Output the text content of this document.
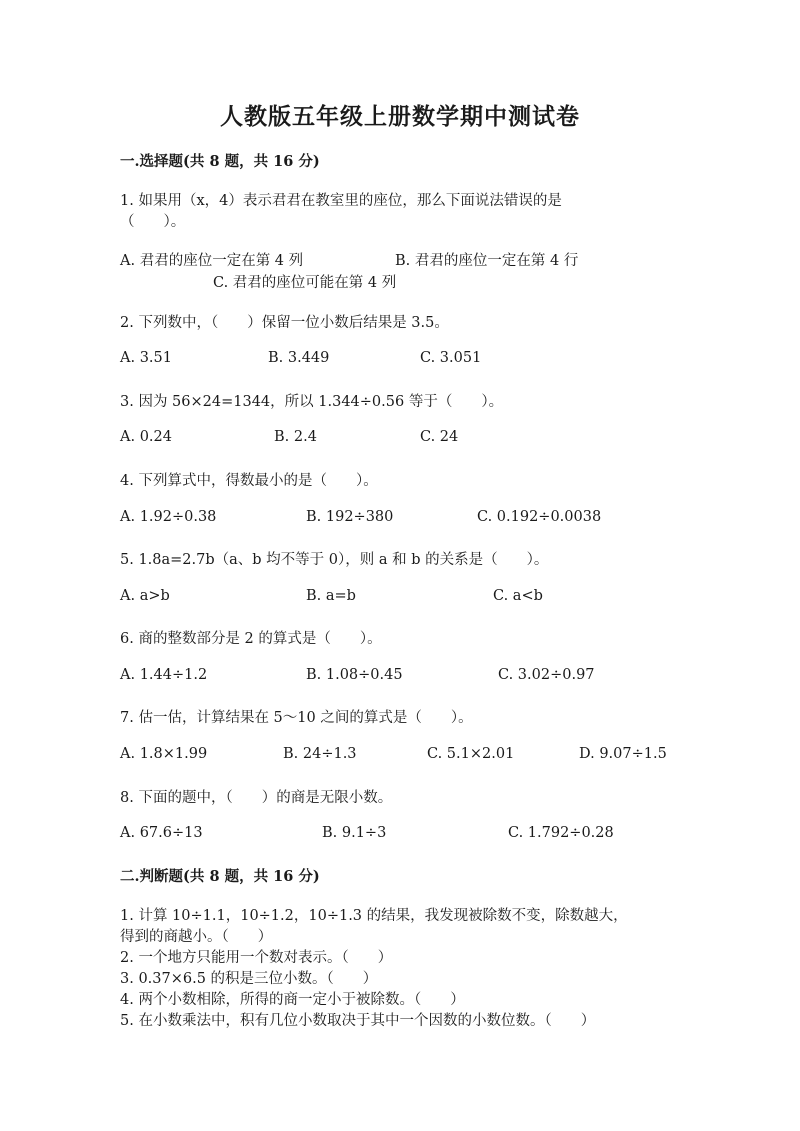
人教版五年级上册数学期中测试卷
一.选择题(共 8 题，共 16 分)
1. 如果用（x，4）表示君君在教室里的座位，那么下面说法错误的是
（　　）。
A. 君君的座位一定在第 4 列	B. 君君的座位一定在第 4 行
C. 君君的座位可能在第 4 列
2. 下列数中，（　　）保留一位小数后结果是 3.5。
A. 3.51	B. 3.449	C. 3.051
3. 因为 56×24=1344，所以 1.344÷0.56 等于（　　）。
A. 0.24	B. 2.4	C. 24
4. 下列算式中，得数最小的是（　　）。
A. 1.92÷0.38	B. 192÷380	C. 0.192÷0.0038
5. 1.8a=2.7b（a、b 均不等于 0），则 a 和 b 的关系是（　　）。
A. a>b	B. a=b	C. a<b
6. 商的整数部分是 2 的算式是（　　）。
A. 1.44÷1.2	B. 1.08÷0.45	C. 3.02÷0.97
7. 估一估，计算结果在 5～10 之间的算式是（　　）。
A. 1.8×1.99	B. 24÷1.3	C. 5.1×2.01	D. 9.07÷1.5
8. 下面的题中，（　　）的商是无限小数。
A. 67.6÷13	B. 9.1÷3	C. 1.792÷0.28
二.判断题(共 8 题，共 16 分)
1. 计算 10÷1.1，10÷1.2，10÷1.3 的结果，我发现被除数不变，除数越大，
得到的商越小。（　　）
2. 一个地方只能用一个数对表示。（　　）
3. 0.37×6.5 的积是三位小数。（　　）
4. 两个小数相除，所得的商一定小于被除数。（　　）
5. 在小数乘法中，积有几位小数取决于其中一个因数的小数位数。（　　）
